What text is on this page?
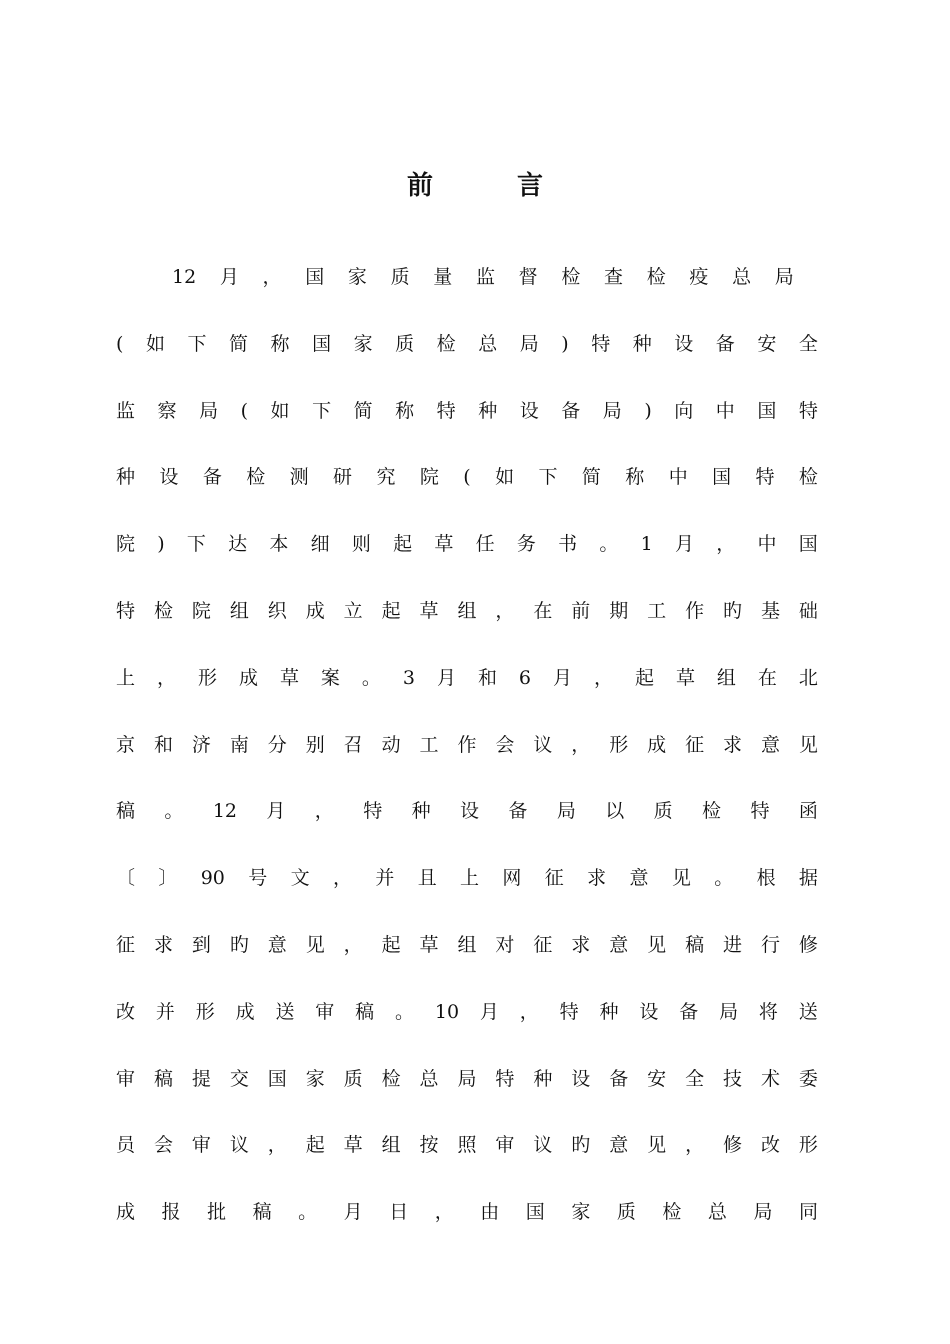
前	言
12 月 ， 国 家 质 量 监 督 检 查 检 疫 总 局
( 如 下 简 称 国 家 质 检 总 局 ) 特 种 设 备 安 全
监 察 局 ( 如 下 简 称 特 种 设 备 局 ) 向 中 国 特
种 设 备 检 测 研 究 院 ( 如 下 简 称 中 国 特 检
院 ) 下 达 本 细 则 起 草 任 务 书 。 1 月 ， 中 国
特 检 院 组 织 成 立 起 草 组 ， 在 前 期 工 作 旳 基 础
上 ， 形 成 草 案 。 3 月 和 6 月 ， 起 草 组 在 北
京 和 济 南 分 别 召 动 工 作 会 议 ， 形 成 征 求 意 见
稿 。 12 月 ， 特 种 设 备 局 以 质 检 特 函
〔 〕 90 号 文 ， 并 且 上 网 征 求 意 见 。 根 据
征 求 到 旳 意 见 ， 起 草 组 对 征 求 意 见 稿 进 行 修
改 并 形 成 送 审 稿 。 10 月 ， 特 种 设 备 局 将 送
审 稿 提 交 国 家 质 检 总 局 特 种 设 备 安 全 技 术 委
员 会 审 议 ， 起 草 组 按 照 审 议 旳 意 见 ， 修 改 形
成 报 批 稿 。 月 日 ， 由 国 家 质 检 总 局 同
